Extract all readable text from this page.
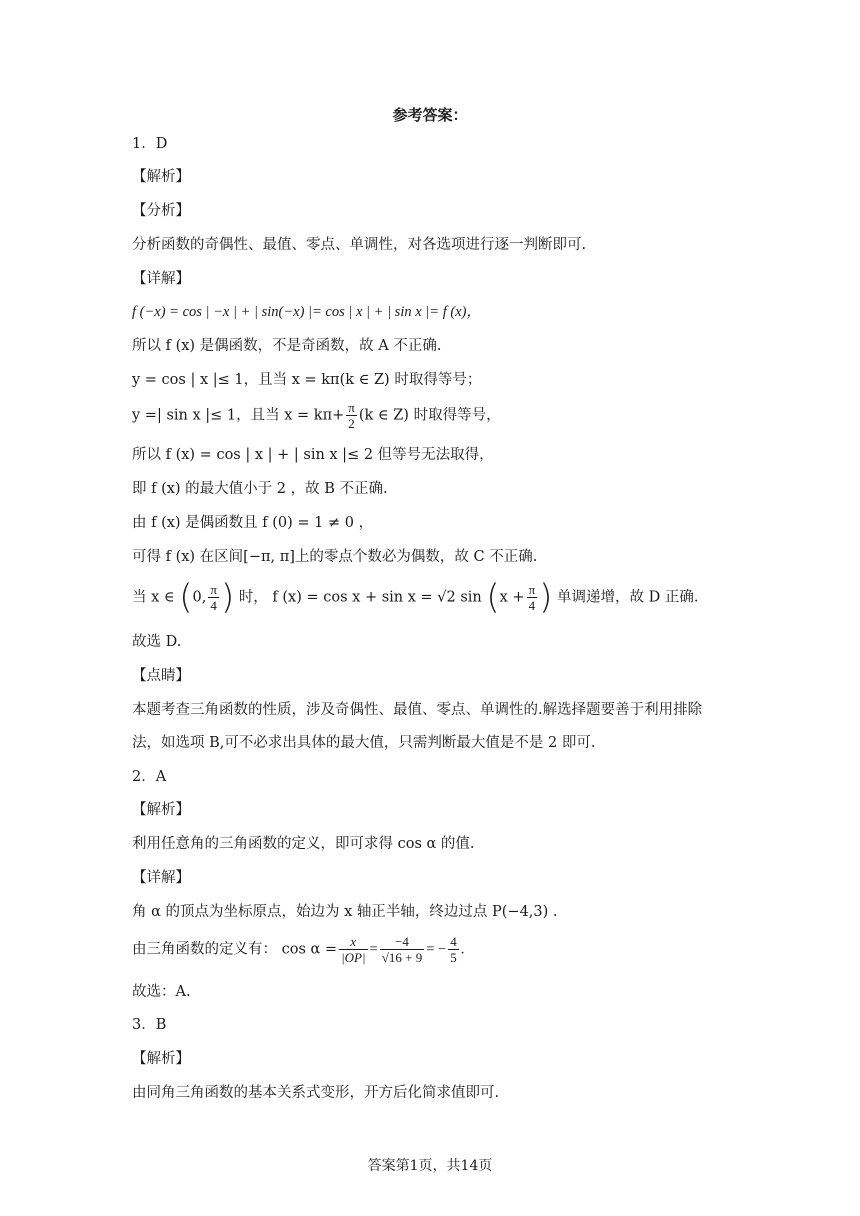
参考答案：
1．D
【解析】
【分析】
分析函数的奇偶性、最值、零点、单调性，对各选项进行逐一判断即可.
【详解】
f (−x) = cos | −x | + | sin(−x) |= cos | x | + | sin x |= f (x)，
所以 f (x) 是偶函数，不是奇函数，故 A 不正确.
y = cos | x |≤ 1，且当 x = kπ(k ∈ Z) 时取得等号；
y =| sin x |≤ 1，且当 $x = k\pi+ \frac{\pi}{2} (k$ ∈ Z) 时取得等号，
所以 f (x) = cos | x | + | sin x |≤ 2 但等号无法取得，
即 f (x) 的最大值小于 2 ，故 B 不正确.
由 f (x) 是偶函数且 f (0) = 1 ≠ 0 ，
可得 f (x) 在区间[−π, π]上的零点个数必为偶数，故 C 不正确.
当 x ∈ (0, $\frac{\pi}{4}$ ) 时， f (x) = cos x + sin x = √2 $\sin (x + \frac{\pi}{4}$ ) 单调递增，故 D 正确.
故选 D.
【点睛】
本题考查三角函数的性质，涉及奇偶性、最值、零点、单调性的.解选择题要善于利用排除
法，如选项 B,可不必求出具体的最大值，只需判断最大值是不是 2 即可.
2．A
【解析】
利用任意角的三角函数的定义，即可求得 cos α 的值.
【详解】
角 α 的顶点为坐标原点，始边为 x 轴正半轴，终边过点 P(−4,3) .
由三角函数的定义有： $\cos \alpha = \frac{x}{|OP|} = \frac{-4}{√16 + 9}$ = − $\frac{4}{5}$ .
故选：A.
3．B
【解析】
由同角三角函数的基本关系式变形，开方后化简求值即可.
答案第1页，共14页
